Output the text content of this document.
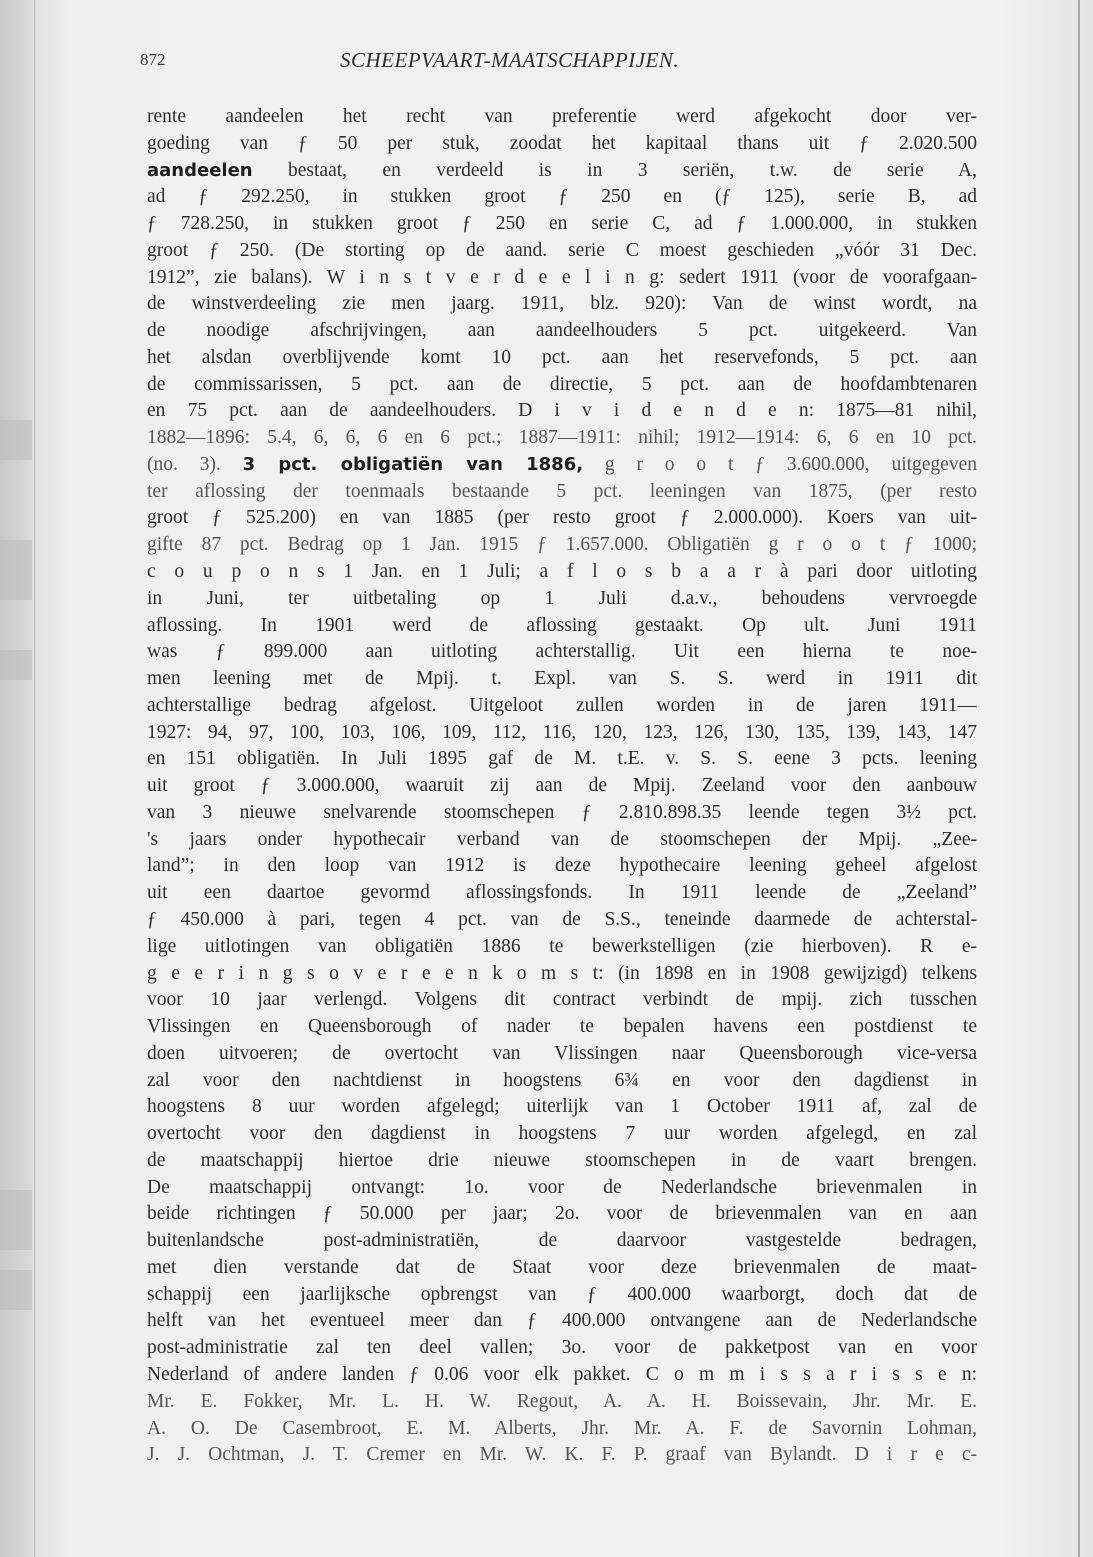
872	SCHEEPVAART-MAATSCHAPPIJEN.
rente aandeelen het recht van preferentie werd afgekocht door ver-
goeding van ƒ 50 per stuk, zoodat het kapitaal thans uit ƒ 2.020.500
aandeelen bestaat, en verdeeld is in 3 seriën, t.w. de serie A,
ad ƒ 292.250, in stukken groot ƒ 250 en (ƒ 125), serie B, ad
ƒ 728.250, in stukken groot ƒ 250 en serie C, ad ƒ 1.000.000, in stukken
groot ƒ 250. (De storting op de aand. serie C moest geschieden „vóór 31 Dec.
1912”, zie balans). W i n s t v e r d e e l i n g: sedert 1911 (voor de voorafgaan-
de winstverdeeling zie men jaarg. 1911, blz. 920): Van de winst wordt, na
de noodige afschrijvingen, aan aandeelhouders 5 pct. uitgekeerd. Van
het alsdan overblijvende komt 10 pct. aan het reservefonds, 5 pct. aan
de commissarissen, 5 pct. aan de directie, 5 pct. aan de hoofdambtenaren
en 75 pct. aan de aandeelhouders. D i v i d e n d e n: 1875—81 nihil,
1882—1896: 5.4, 6, 6, 6 en 6 pct.; 1887—1911: nihil; 1912—1914: 6, 6 en 10 pct.
(no. 3). 3 pct. obligatiën van 1886, g r o o t ƒ 3.600.000, uitgegeven
ter aflossing der toenmaals bestaande 5 pct. leeningen van 1875, (per resto
groot ƒ 525.200) en van 1885 (per resto groot ƒ 2.000.000). Koers van uit-
gifte 87 pct. Bedrag op 1 Jan. 1915 ƒ 1.657.000. Obligatiën g r o o t ƒ 1000;
c o u p o n s 1 Jan. en 1 Juli; a f l o s b a a r à pari door uitloting
in Juni, ter uitbetaling op 1 Juli d.a.v., behoudens vervroegde
aflossing. In 1901 werd de aflossing gestaakt. Op ult. Juni 1911
was ƒ 899.000 aan uitloting achterstallig. Uit een hierna te noe-
men leening met de Mpij. t. Expl. van S. S. werd in 1911 dit
achterstallige bedrag afgelost. Uitgeloot zullen worden in de jaren 1911—
1927: 94, 97, 100, 103, 106, 109, 112, 116, 120, 123, 126, 130, 135, 139, 143, 147
en 151 obligatiën. In Juli 1895 gaf de M. t.E. v. S. S. eene 3 pcts. leening
uit groot ƒ 3.000.000, waaruit zij aan de Mpij. Zeeland voor den aanbouw
van 3 nieuwe snelvarende stoomschepen ƒ 2.810.898.35 leende tegen 3½ pct.
's jaars onder hypothecair verband van de stoomschepen der Mpij. „Zee-
land”; in den loop van 1912 is deze hypothecaire leening geheel afgelost
uit een daartoe gevormd aflossingsfonds. In 1911 leende de „Zeeland”
ƒ 450.000 à pari, tegen 4 pct. van de S.S., teneinde daarmede de achterstal-
lige uitlotingen van obligatiën 1886 te bewerkstelligen (zie hierboven). R e-
g e e r i n g s o v e r e e n k o m s t: (in 1898 en in 1908 gewijzigd) telkens
voor 10 jaar verlengd. Volgens dit contract verbindt de mpij. zich tusschen
Vlissingen en Queensborough of nader te bepalen havens een postdienst te
doen uitvoeren; de overtocht van Vlissingen naar Queensborough vice-versa
zal voor den nachtdienst in hoogstens 6¾ en voor den dagdienst in
hoogstens 8 uur worden afgelegd; uiterlijk van 1 October 1911 af, zal de
overtocht voor den dagdienst in hoogstens 7 uur worden afgelegd, en zal
de maatschappij hiertoe drie nieuwe stoomschepen in de vaart brengen.
De maatschappij ontvangt: 1o. voor de Nederlandsche brievenmalen in
beide richtingen ƒ 50.000 per jaar; 2o. voor de brievenmalen van en aan
buitenlandsche post-administratiën, de daarvoor vastgestelde bedragen,
met dien verstande dat de Staat voor deze brievenmalen de maat-
schappij een jaarlijksche opbrengst van ƒ 400.000 waarborgt, doch dat de
helft van het eventueel meer dan ƒ 400.000 ontvangene aan de Nederlandsche
post-administratie zal ten deel vallen; 3o. voor de pakketpost van en voor
Nederland of andere landen ƒ 0.06 voor elk pakket. C o m m i s s a r i s s e n:
Mr. E. Fokker, Mr. L. H. W. Regout, A. A. H. Boissevain, Jhr. Mr. E.
A. O. De Casembroot, E. M. Alberts, Jhr. Mr. A. F. de Savornin Lohman,
J. J. Ochtman, J. T. Cremer en Mr. W. K. F. P. graaf van Bylandt. D i r e c-
